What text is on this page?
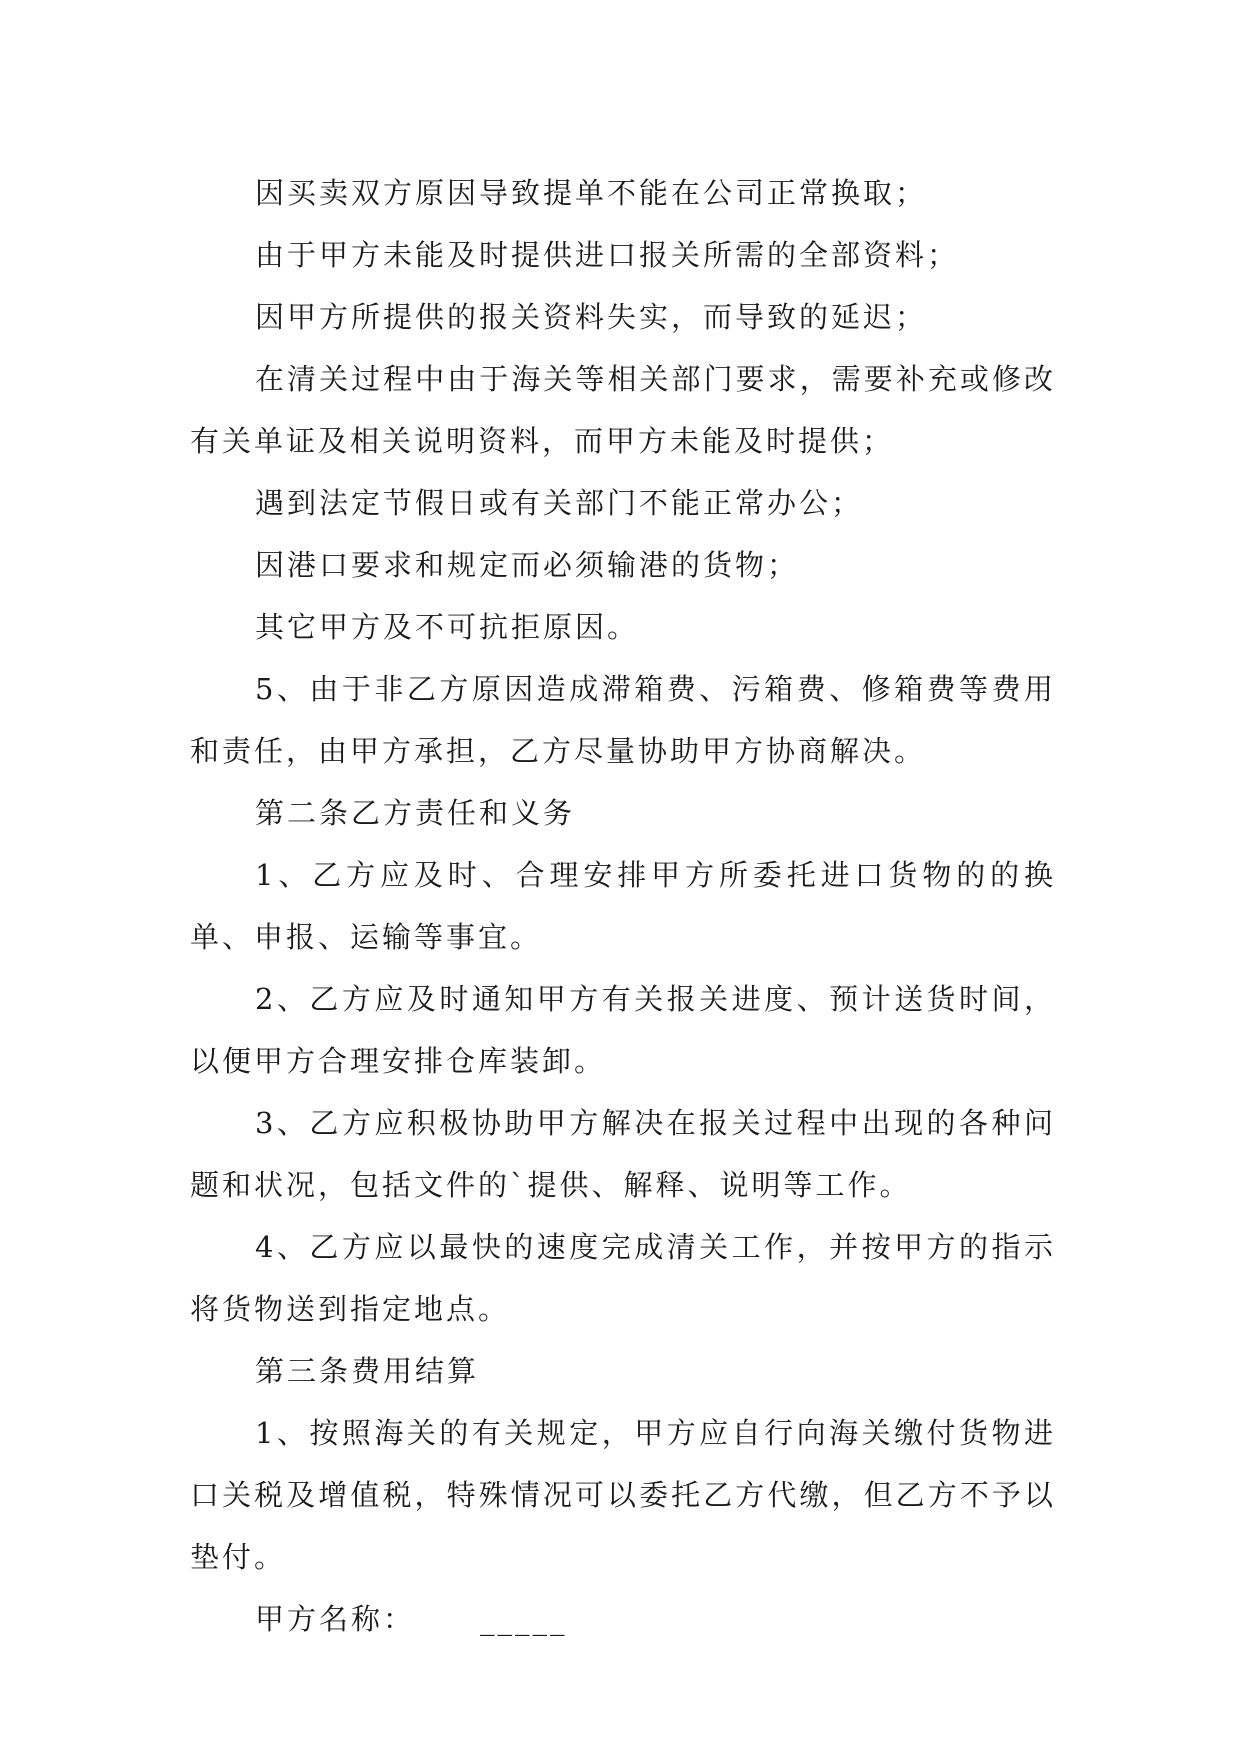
因买卖双方原因导致提单不能在公司正常换取；

由于甲方未能及时提供进口报关所需的全部资料；

因甲方所提供的报关资料失实，而导致的延迟；

在清关过程中由于海关等相关部门要求，需要补充或修改有关单证及相关说明资料，而甲方未能及时提供；

遇到法定节假日或有关部门不能正常办公；

因港口要求和规定而必须输港的货物；

其它甲方及不可抗拒原因。

5、由于非乙方原因造成滞箱费、污箱费、修箱费等费用和责任，由甲方承担，乙方尽量协助甲方协商解决。

第二条乙方责任和义务

1、乙方应及时、合理安排甲方所委托进口货物的的换单、申报、运输等事宜。

2、乙方应及时通知甲方有关报关进度、预计送货时间，以便甲方合理安排仓库装卸。

3、乙方应积极协助甲方解决在报关过程中出现的各种问题和状况，包括文件的`提供、解释、说明等工作。

4、乙方应以最快的速度完成清关工作，并按甲方的指示将货物送到指定地点。

第三条费用结算

1、按照海关的有关规定，甲方应自行向海关缴付货物进口关税及增值税，特殊情况可以委托乙方代缴，但乙方不予以垫付。

甲方名称： _____
